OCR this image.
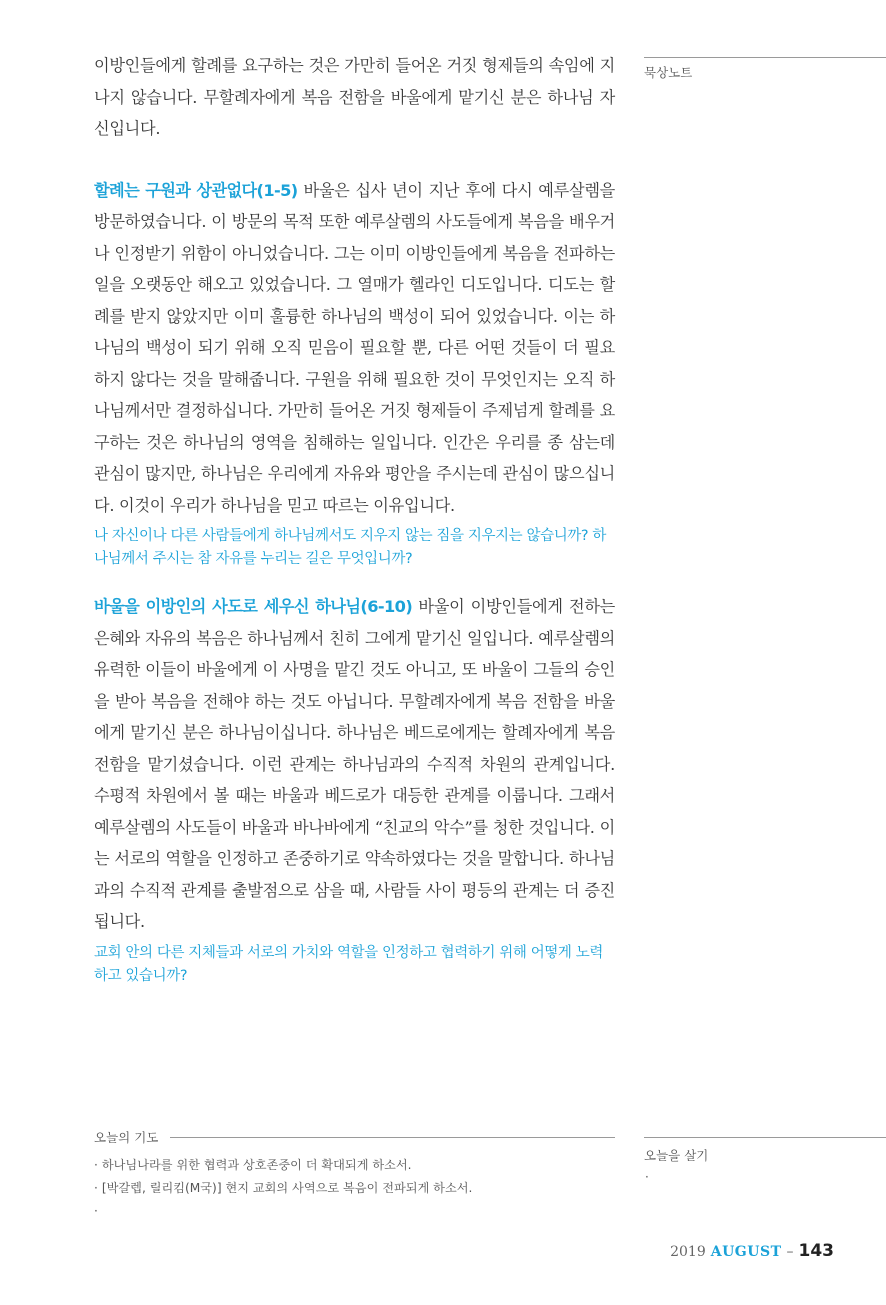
묵상노트

이방인들에게 할례를 요구하는 것은 가만히 들어온 거짓 형제들의 속임에 지나지 않습니다. 무할례자에게 복음 전함을 바울에게 맡기신 분은 하나님 자신입니다.

할례는 구원과 상관없다(1-5) 바울은 십사 년이 지난 후에 다시 예루살렘을 방문하였습니다. 이 방문의 목적 또한 예루살렘의 사도들에게 복음을 배우거나 인정받기 위함이 아니었습니다. 그는 이미 이방인들에게 복음을 전파하는 일을 오랫동안 해오고 있었습니다. 그 열매가 헬라인 디도입니다. 디도는 할례를 받지 않았지만 이미 훌륭한 하나님의 백성이 되어 있었습니다. 이는 하나님의 백성이 되기 위해 오직 믿음이 필요할 뿐, 다른 어떤 것들이 더 필요하지 않다는 것을 말해줍니다. 구원을 위해 필요한 것이 무엇인지는 오직 하나님께서만 결정하십니다. 가만히 들어온 거짓 형제들이 주제넘게 할례를 요구하는 것은 하나님의 영역을 침해하는 일입니다. 인간은 우리를 종 삼는데 관심이 많지만, 하나님은 우리에게 자유와 평안을 주시는데 관심이 많으십니다. 이것이 우리가 하나님을 믿고 따르는 이유입니다.

나 자신이나 다른 사람들에게 하나님께서도 지우지 않는 짐을 지우지는 않습니까? 하나님께서 주시는 참 자유를 누리는 길은 무엇입니까?

바울을 이방인의 사도로 세우신 하나님(6-10) 바울이 이방인들에게 전하는 은혜와 자유의 복음은 하나님께서 친히 그에게 맡기신 일입니다. 예루살렘의 유력한 이들이 바울에게 이 사명을 맡긴 것도 아니고, 또 바울이 그들의 승인을 받아 복음을 전해야 하는 것도 아닙니다. 무할례자에게 복음 전함을 바울에게 맡기신 분은 하나님이십니다. 하나님은 베드로에게는 할례자에게 복음 전함을 맡기셨습니다. 이런 관계는 하나님과의 수직적 차원의 관계입니다. 수평적 차원에서 볼 때는 바울과 베드로가 대등한 관계를 이룹니다. 그래서 예루살렘의 사도들이 바울과 바나바에게 “친교의 악수”를 청한 것입니다. 이는 서로의 역할을 인정하고 존중하기로 약속하였다는 것을 말합니다. 하나님과의 수직적 관계를 출발점으로 삼을 때, 사람들 사이 평등의 관계는 더 증진됩니다.

교회 안의 다른 지체들과 서로의 가치와 역할을 인정하고 협력하기 위해 어떻게 노력하고 있습니까?

오늘의 기도
· 하나님나라를 위한 협력과 상호존중이 더 확대되게 하소서.
· [박갈렙, 릴리킴(M국)] 현지 교회의 사역으로 복음이 전파되게 하소서.
·
오늘을 살기
·
2019 AUGUST – 143
